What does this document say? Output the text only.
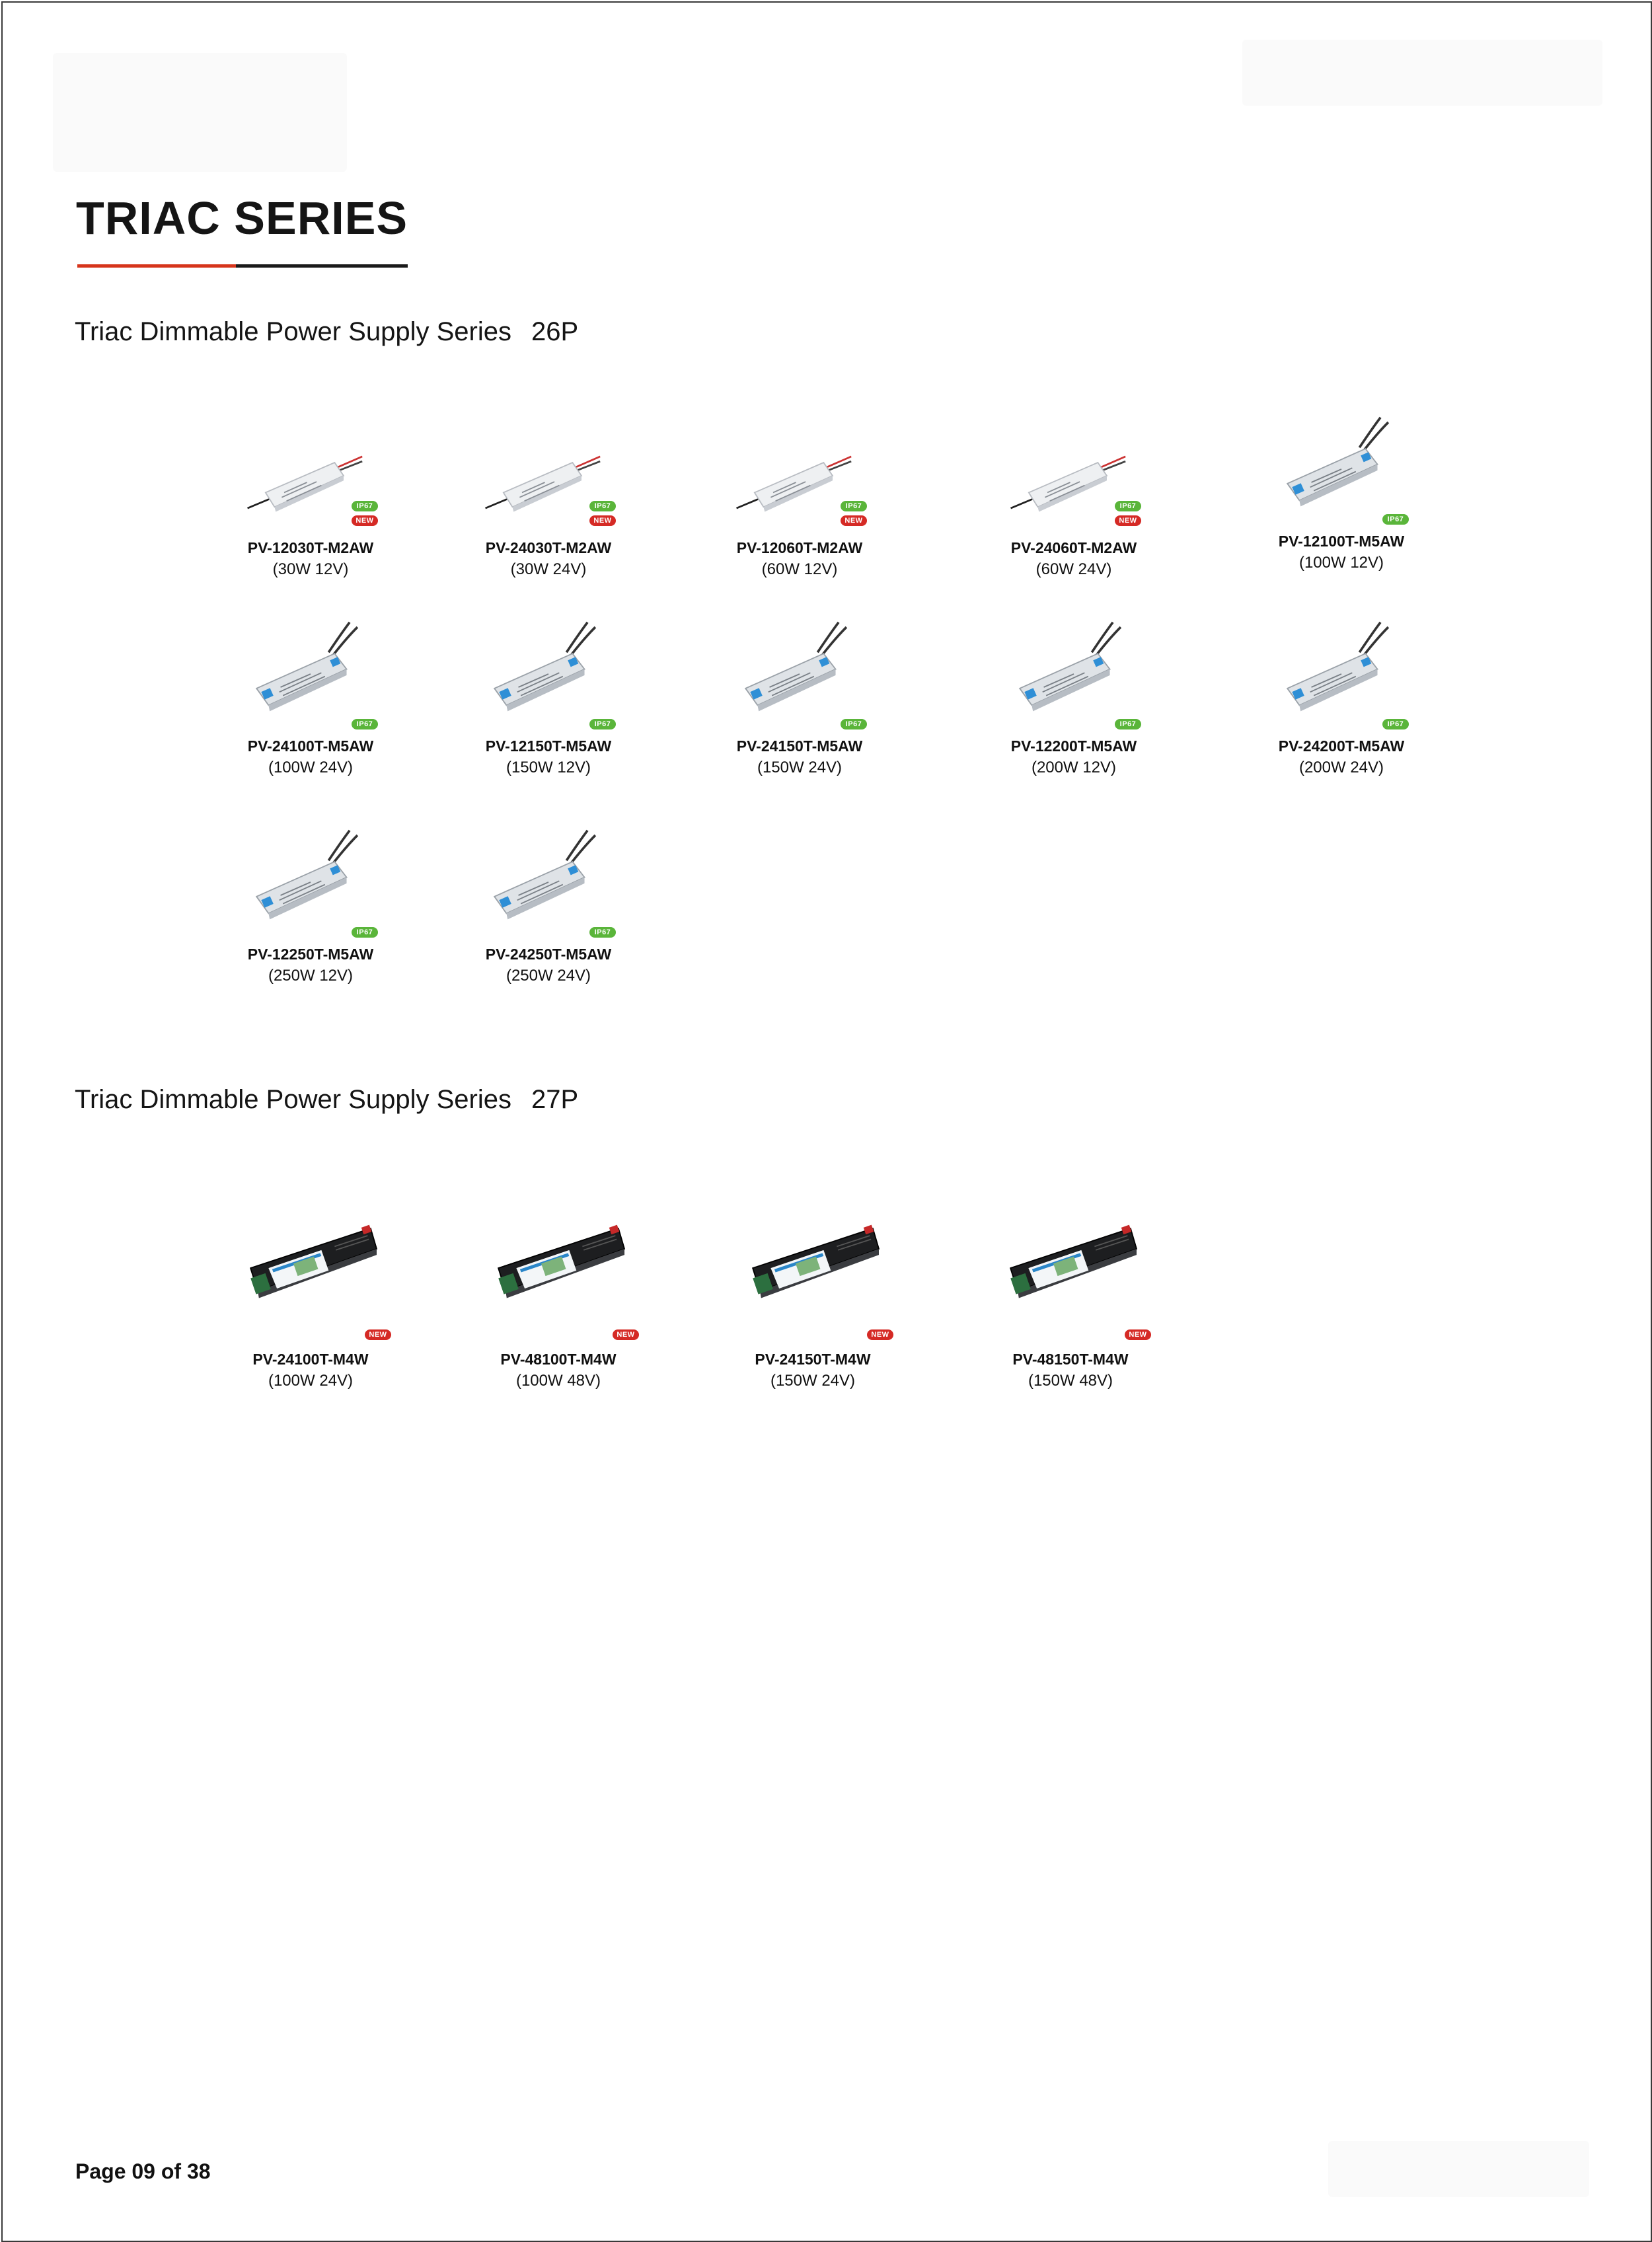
TRIAC SERIES
Triac Dimmable Power Supply Series 26P
Triac Dimmable Power Supply Series 27P
IP67
NEW
PV-12030T-M2AW
(30W 12V)
IP67
NEW
PV-24030T-M2AW
(30W 24V)
IP67
NEW
PV-12060T-M2AW
(60W 12V)
IP67
NEW
PV-24060T-M2AW
(60W 24V)
IP67
PV-12100T-M5AW
(100W 12V)
IP67
PV-24100T-M5AW
(100W 24V)
IP67
PV-12150T-M5AW
(150W 12V)
IP67
PV-24150T-M5AW
(150W 24V)
IP67
PV-12200T-M5AW
(200W 12V)
IP67
PV-24200T-M5AW
(200W 24V)
IP67
PV-12250T-M5AW
(250W 12V)
IP67
PV-24250T-M5AW
(250W 24V)
NEW
PV-24100T-M4W
(100W 24V)
NEW
PV-48100T-M4W
(100W 48V)
NEW
PV-24150T-M4W
(150W 24V)
NEW
PV-48150T-M4W
(150W 48V)
Page 09 of 38
